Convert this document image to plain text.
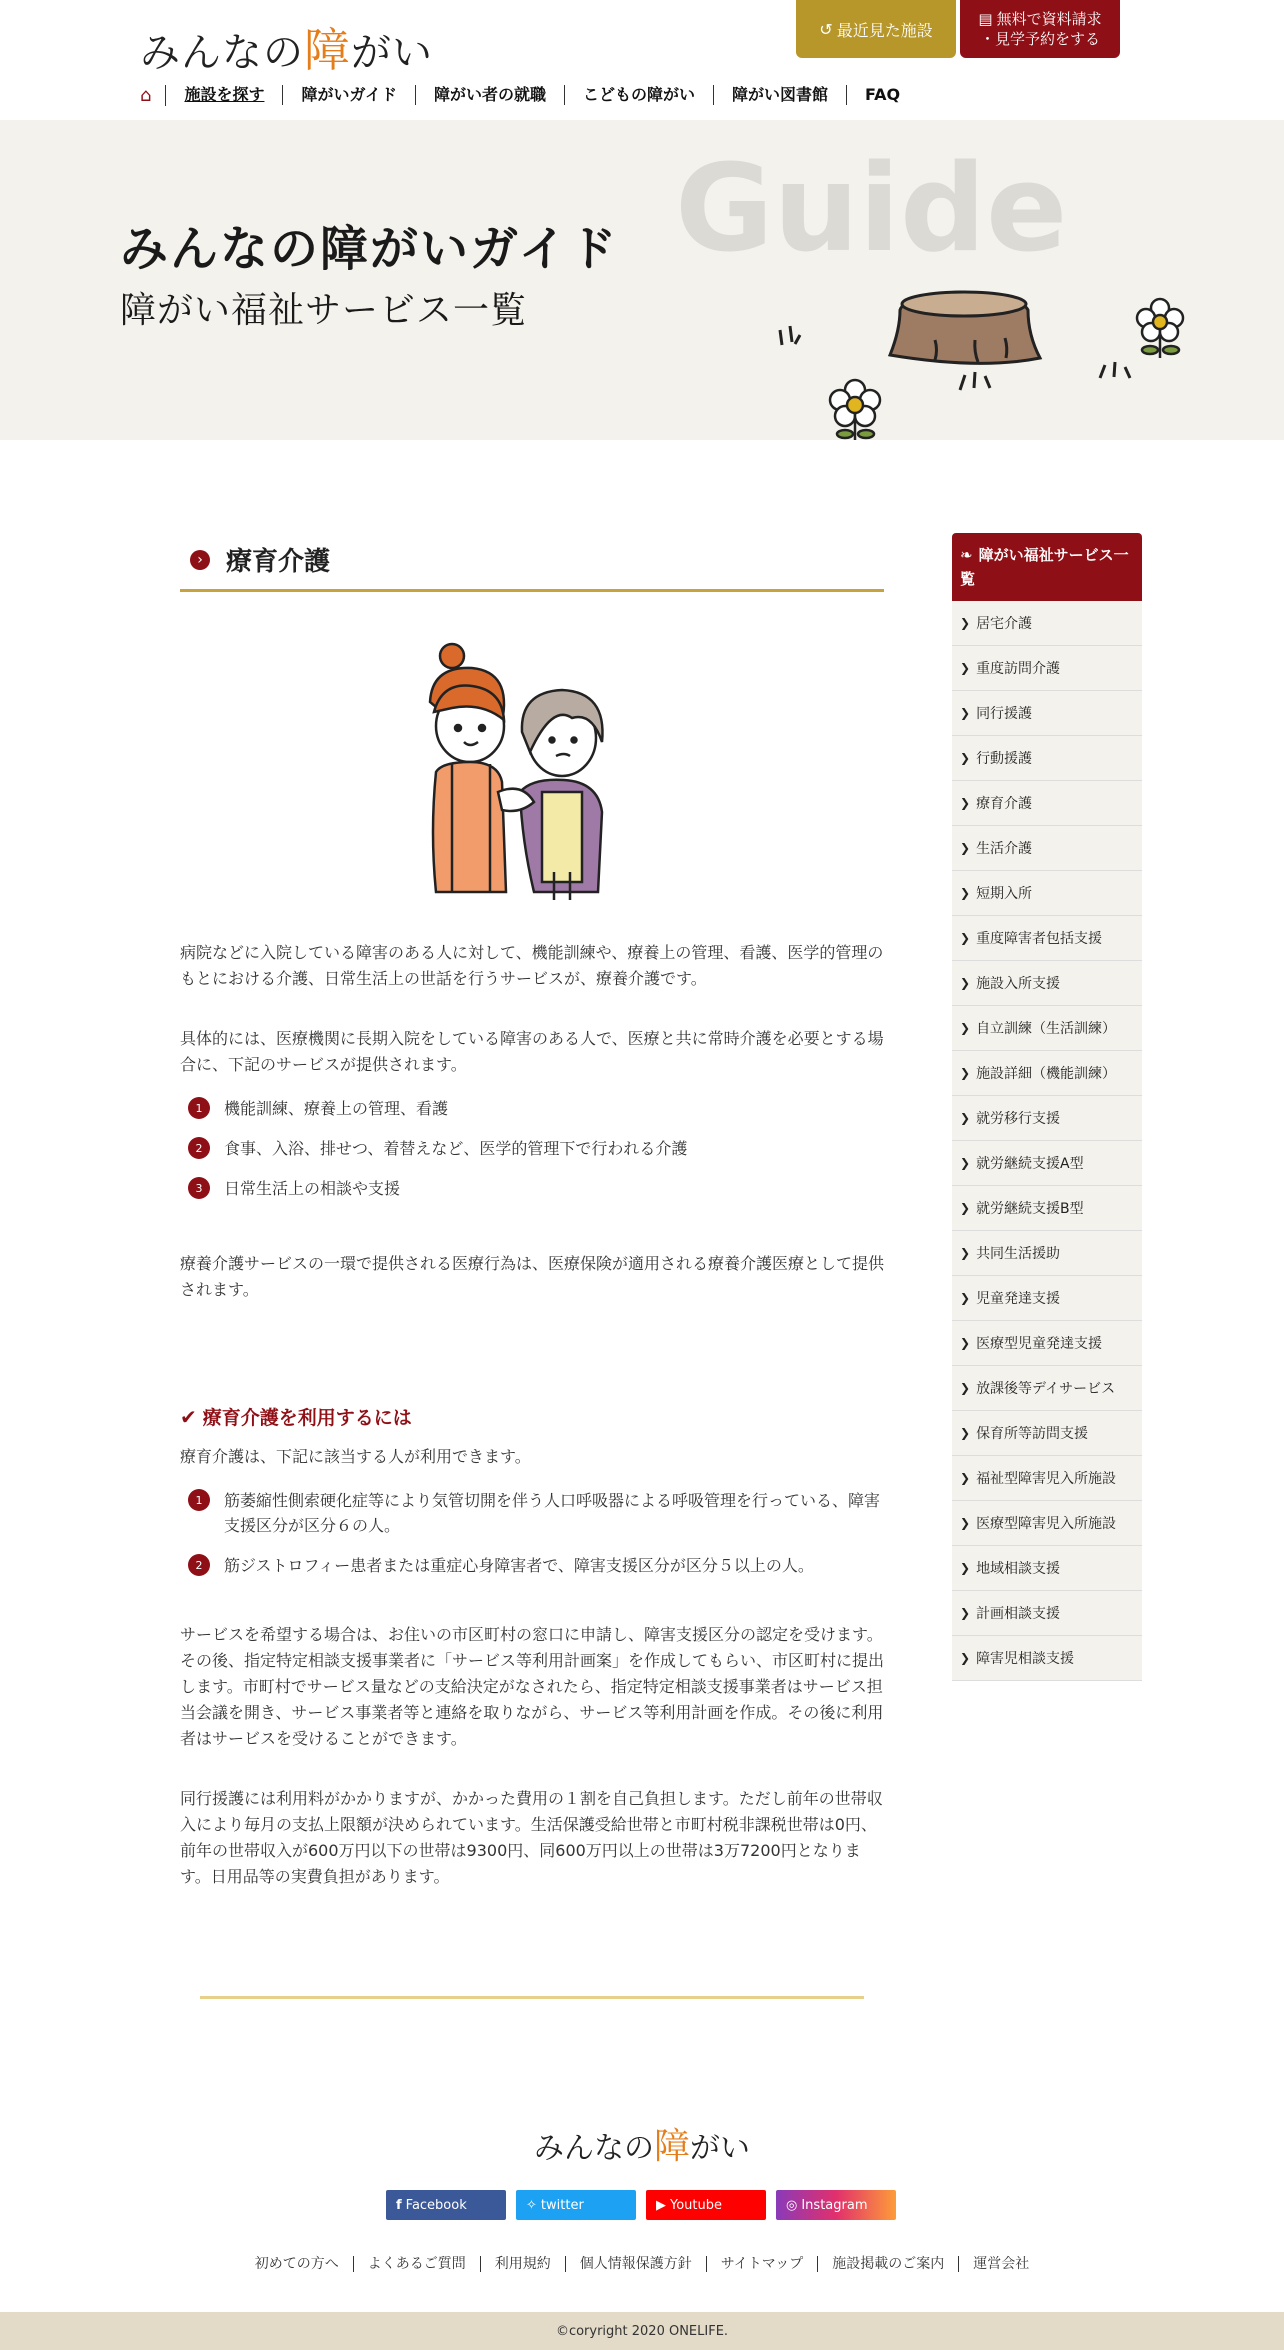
みんなの障がい
↺ 最近見た施設
▤ 無料で資料請求
・見学予約をする
⌂	施設を探す	障がいガイド	障がい者の就職	こどもの障がい	障がい図書館	FAQ
Guide
みんなの障がいガイド
障がい福祉サービス一覧
› 療育介護

病院などに入院している障害のある人に対して、機能訓練や、療養上の管理、看護、医学的管理のもとにおける介護、日常生活上の世話を行うサービスが、療養介護です。

具体的には、医療機関に長期入院をしている障害のある人で、医療と共に常時介護を必要とする場合に、下記のサービスが提供されます。

1	機能訓練、療養上の管理、看護
2	食事、入浴、排せつ、着替えなど、医学的管理下で行われる介護
3	日常生活上の相談や支援

療養介護サービスの一環で提供される医療行為は、医療保険が適用される療養介護医療として提供されます。

✔ 療育介護を利用するには

療育介護は、下記に該当する人が利用できます。

1	筋萎縮性側索硬化症等により気管切開を伴う人口呼吸器による呼吸管理を行っている、障害支援区分が区分６の人。
2	筋ジストロフィー患者または重症心身障害者で、障害支援区分が区分５以上の人。

サービスを希望する場合は、お住いの市区町村の窓口に申請し、障害支援区分の認定を受けます。その後、指定特定相談支援事業者に「サービス等利用計画案」を作成してもらい、市区町村に提出します。市町村でサービス量などの支給決定がなされたら、指定特定相談支援事業者はサービス担当会議を開き、サービス事業者等と連絡を取りながら、サービス等利用計画を作成。その後に利用者はサービスを受けることができます。

同行援護には利用料がかかりますが、かかった費用の１割を自己負担します。ただし前年の世帯収入により毎月の支払上限額が決められています。生活保護受給世帯と市町村税非課税世帯は0円、前年の世帯収入が600万円以下の世帯は9300円、同600万円以上の世帯は3万7200円となります。日用品等の実費負担があります。

❧ 障がい福祉サービス一覧
❯ 居宅介護
❯ 重度訪問介護
❯ 同行援護
❯ 行動援護
❯ 療育介護
❯ 生活介護
❯ 短期入所
❯ 重度障害者包括支援
❯ 施設入所支援
❯ 自立訓練（生活訓練）
❯ 施設詳細（機能訓練）
❯ 就労移行支援
❯ 就労継続支援A型
❯ 就労継続支援B型
❯ 共同生活援助
❯ 児童発達支援
❯ 医療型児童発達支援
❯ 放課後等デイサービス
❯ 保育所等訪問支援
❯ 福祉型障害児入所施設
❯ 医療型障害児入所施設
❯ 地域相談支援
❯ 計画相談支援
❯ 障害児相談支援
みんなの障がい
f Facebook	✧ twitter	▶ Youtube	◎ Instagram
初めての方へ	よくあるご質問	利用規約	個人情報保護方針	サイトマップ	施設掲載のご案内	運営会社
©coryright 2020 ONELIFE.
